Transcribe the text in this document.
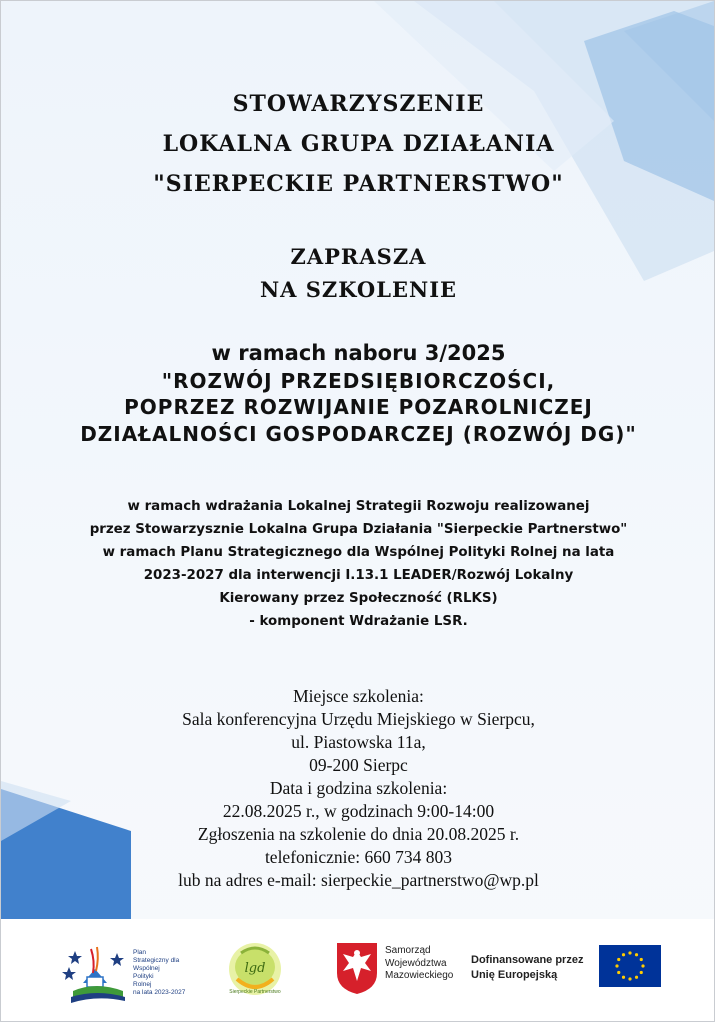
STOWARZYSZENIE
LOKALNA GRUPA DZIAŁANIA
"SIERPECKIE PARTNERSTWO"
ZAPRASZA
NA SZKOLENIE
w ramach naboru 3/2025
"ROZWÓJ PRZEDSIĘBIORCZOŚCI,
POPRZEZ ROZWIJANIE POZAROLNICZEJ
DZIAŁALNOŚCI GOSPODARCZEJ (ROZWÓJ DG)"
w ramach wdrażania Lokalnej Strategii Rozwoju realizowanej
przez Stowarzysznie Lokalna Grupa Działania "Sierpeckie Partnerstwo"
w ramach Planu Strategicznego dla Wspólnej Polityki Rolnej na lata
2023-2027 dla interwencji I.13.1 LEADER/Rozwój Lokalny
Kierowany przez Społeczność (RLKS)
- komponent Wdrażanie LSR.
Miejsce szkolenia:
Sala konferencyjna Urzędu Miejskiego w Sierpcu,
ul. Piastowska 11a,
09-200 Sierpc
Data i godzina szkolenia:
22.08.2025 r., w godzinach 9:00-14:00
Zgłoszenia na szkolenie do dnia 20.08.2025 r.
telefonicznie: 660 734 803
lub na adres e-mail: sierpeckie_partnerstwo@wp.pl
Plan
Strategiczny dla
Wspólnej
Polityki
Rolnej
na lata 2023-2027
lgd
Sierpeckie Partnerstwo
Samorząd
Województwa
Mazowieckiego
Dofinansowane przez
Unię Europejską
